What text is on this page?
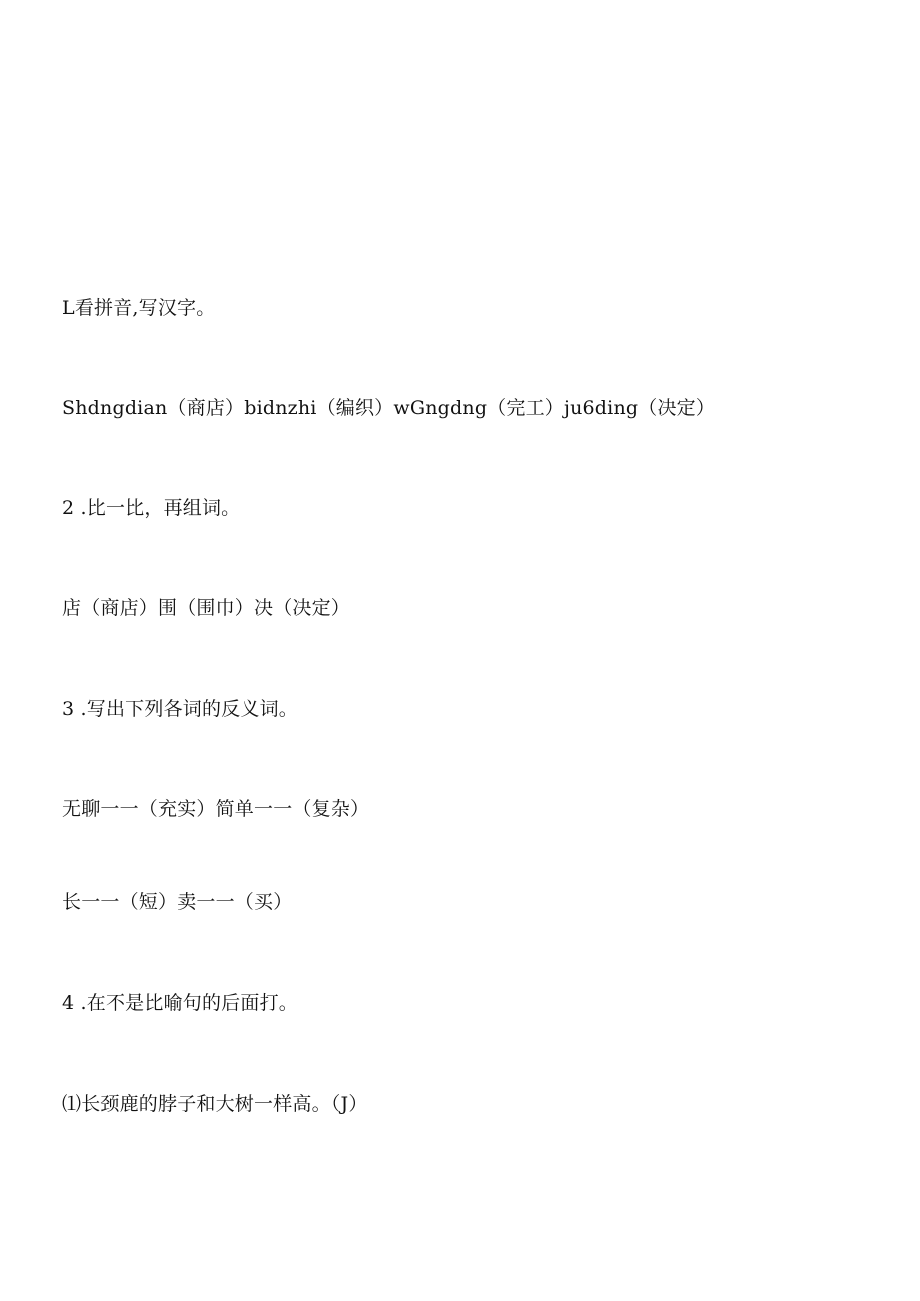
L看拼音,写汉字。
Shdngdian（商店）bidnzhi（编织）wGngdng（完工）ju6ding（决定）
2 .比一比，再组词。
店（商店）围（围巾）决（决定）
3 .写出下列各词的反义词。
无聊一一（充实）简单一一（复杂）
长一一（短）卖一一（买）
4 .在不是比喻句的后面打。
⑴长颈鹿的脖子和大树一样高。（J）
